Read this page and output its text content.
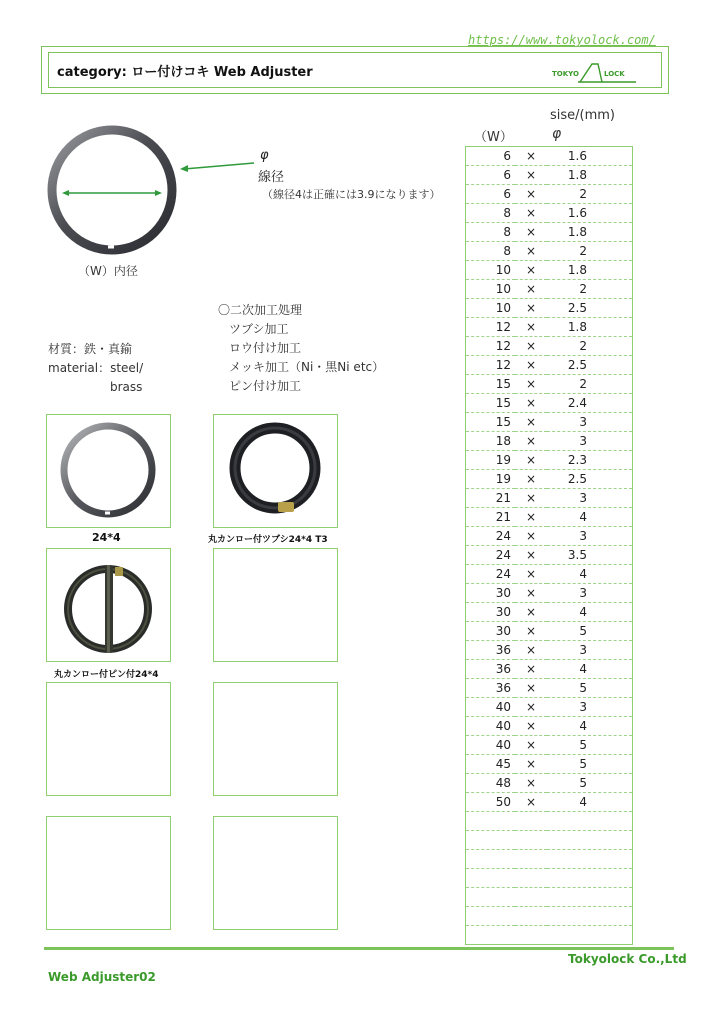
https://www.tokyolock.com/
category: ロー付けコキ Web Adjuster	TOKYO	LOCK
sise/(mm)
（W）	φ
6	×	1.6
6	×	1.8
6	×	2
8	×	1.6
8	×	1.8
8	×	2
10	×	1.8
10	×	2
10	×	2.5
12	×	1.8
12	×	2
12	×	2.5
15	×	2
15	×	2.4
15	×	3
18	×	3
19	×	2.3
19	×	2.5
21	×	3
21	×	4
24	×	3
24	×	3.5
24	×	4
30	×	3
30	×	4
30	×	5
36	×	3
36	×	4
36	×	5
40	×	3
40	×	4
40	×	5
45	×	5
48	×	5
50	×	4

φ
線径
（線径4は正確には3.9になります）
（W）内径
〇二次加工処理
ツブシ加工
ロウ付け加工
メッキ加工（Ni・黒Ni etc）
ピン付け加工
材質：鉄・真鍮
material：steel/
brass
24*4	丸カンロー付ツブシ24*4 T3
丸カンロー付ピン付24*4
Tokyolock Co.,Ltd
Web Adjuster02
